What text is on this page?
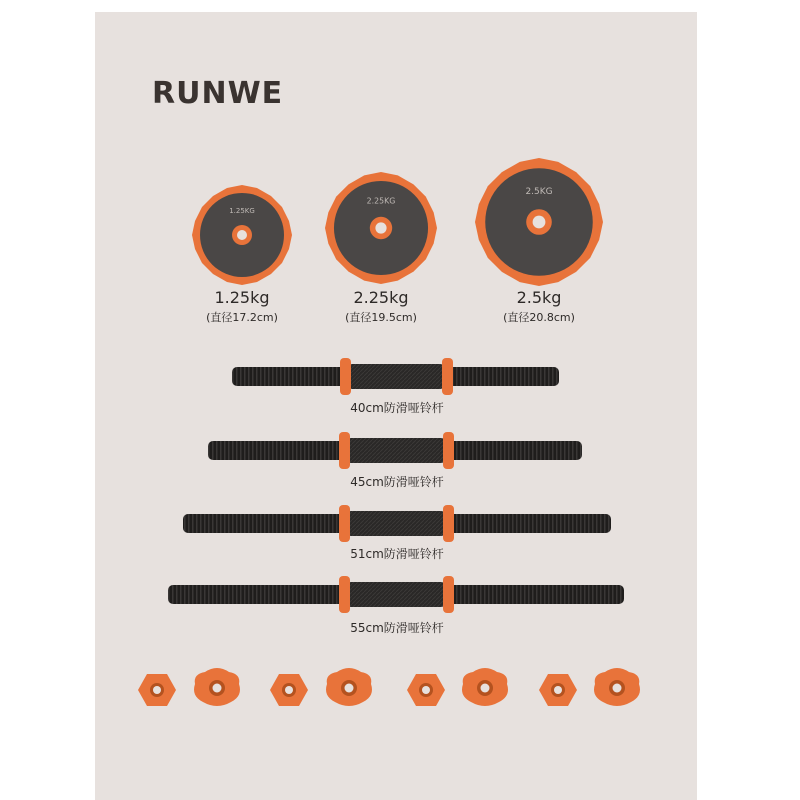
RUNWE
1.25KG
1.25kg
(直径17.2cm)
2.25KG
2.25kg
(直径19.5cm)
2.5KG
2.5kg
(直径20.8cm)
40cm防滑哑铃杆
45cm防滑哑铃杆
51cm防滑哑铃杆
55cm防滑哑铃杆
